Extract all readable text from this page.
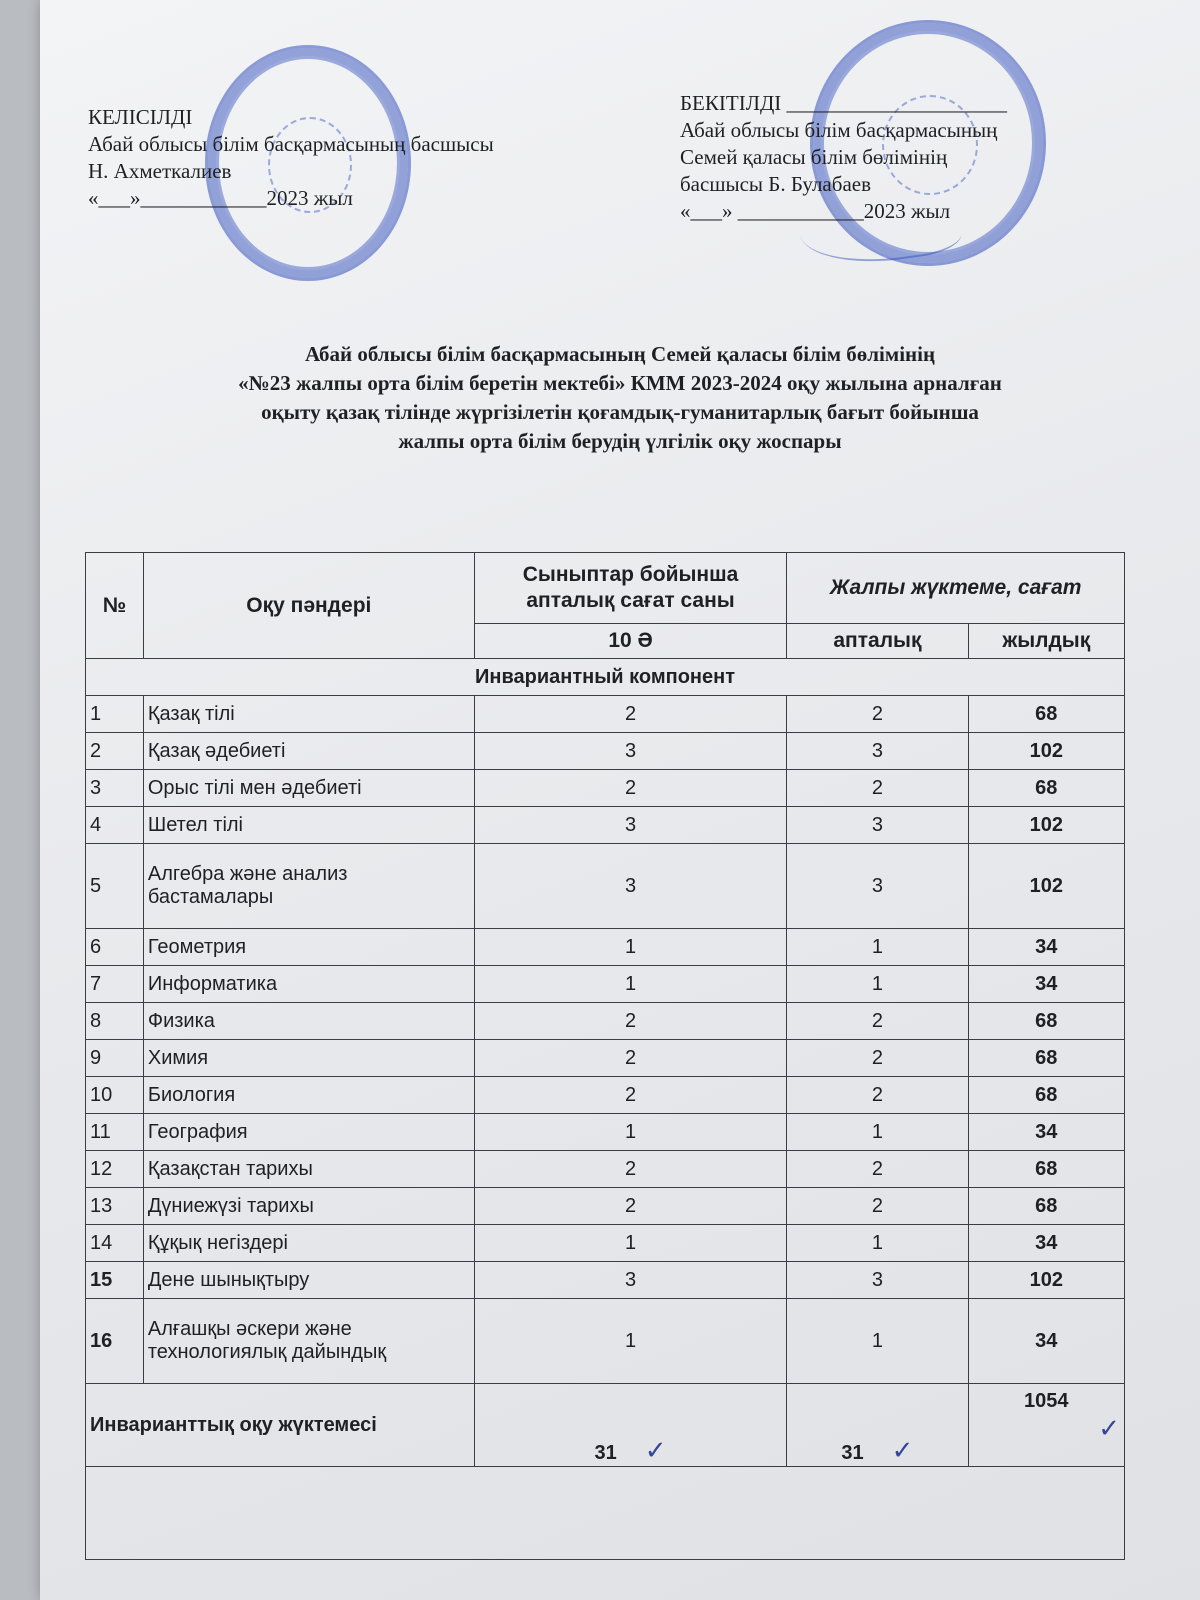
КЕЛІСІЛДІ
Абай облысы білім басқармасының басшысы
Н. Ахметкалиев
«___»____________2023 жыл
БЕКІТІЛДІ _____________________
Абай облысы білім басқармасының
Семей қаласы білім бөлімінің
басшысы Б. Булабаев
«___» ____________2023 жыл
Абай облысы білім басқармасының Семей қаласы білім бөлімінің
«№23 жалпы орта білім беретін мектебі» КММ 2023-2024 оқу жылына арналған
оқыту қазақ тілінде жүргізілетін қоғамдық-гуманитарлық бағыт бойынша
жалпы орта білім берудің үлгілік оқу жоспары
№	Оқу пәндері	Сыныптар бойынша апталық сағат саны	Жалпы жүктеме, сағат	
		10 Ә	апталық	жылдық
Инвариантный компонент				
1	Қазақ тілі	2	2	68
2	Қазақ әдебиеті	3	3	102
3	Орыс тілі мен әдебиеті	2	2	68
4	Шетел тілі	3	3	102
5	Алгебра және анализ бастамалары	3	3	102
6	Геометрия	1	1	34
7	Информатика	1	1	34
8	Физика	2	2	68
9	Химия	2	2	68
10	Биология	2	2	68
11	География	1	1	34
12	Қазақстан тарихы	2	2	68
13	Дүниежүзі тарихы	2	2	68
14	Құқық негіздері	1	1	34
15	Дене шынықтыру	3	3	102
16	Алғашқы әскери және технологиялық дайындық	1	1	34
Инварианттық оқу жүктемесі		31 ✓	31 ✓	1054
✓
